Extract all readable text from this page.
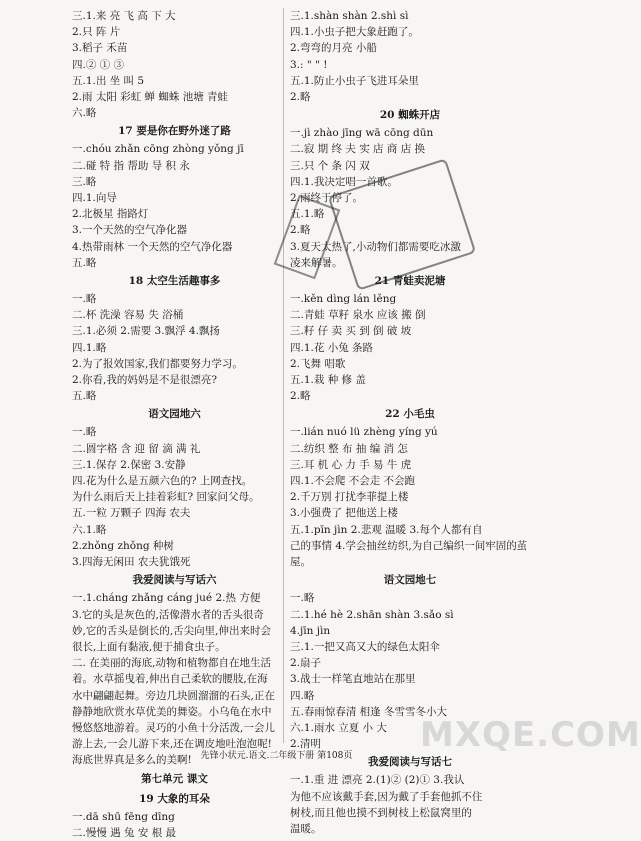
三.1.来 亮 飞 高 下 大
2.只 阵 片
3.稻子 禾苗
四.② ① ③
五.1.出 坐 叫 5
2.雨 太阳 彩虹 蝉 蜘蛛 池塘 青蛙
六.略
17 要是你在野外迷了路
一.chóu zhǎn cōng zhòng yǒng jī
二.碰 特 指 帮助 导 积 永
三.略
四.1.向导
2.北极星 指路灯
3.一个天然的空气净化器
4.热带雨林 一个天然的空气净化器
五.略
18 太空生活趣事多
一.略
二.杯 洗澡 容易 失 浴桶
三.1.必须 2.需要 3.飘浮 4.飘扬
四.1.略
2.为了报效国家,我们都要努力学习。
2.你看,我的妈妈是不是很漂亮?
五.略
语文园地六
一.略
二.圆字格 含 迎 留 滴 满 礼
三.1.保存 2.保密 3.安静
四.花为什么是五颜六色的? 上网查找。
为什么雨后天上挂着彩虹? 回家问父母。
五.一粒 万颗子 四海 农夫
六.1.略
2.zhǒng zhǒng 种树
3.四海无闲田 农夫犹饿死
我爱阅读与写话六
一.1.cháng zhǎng cáng jué 2.热 方便
3.它的头是灰色的,活像潜水者的舌头很奇妙,它的舌头是倒长的,舌尖向里,伸出来时会很长,上面有黏液,便于捕食虫子。
二. 在美丽的海底,动物和植物都自在地生活
着。水草摇曳着,伸出自己柔软的腰肢,在海水中翩翩起舞。旁边几块圆溜溜的石头,正在静静地欣赏水草优美的舞姿。小乌龟在水中慢悠悠地游着。灵巧的小鱼十分活泼,一会儿游上去,一会儿游下来,还在调皮地吐泡泡呢!海底世界真是多么的美啊!
第七单元 课文
19 大象的耳朵
一.dā shū fēng dīng
二.慢慢 遇 兔 安 根 最
三.1.shàn shàn 2.shì sì
四.1.小虫子把大象赶跑了。
2.弯弯的月亮 小船
3.: " " !
五.1.防止小虫子飞进耳朵里
2.略
20 蜘蛛开店
一.jì zhào jīng wā cōng dūn
二.寂 期 终 夫 实 店 商 店 换
三.只 个 条 闪 双
四.1.我决定唱一首歌。
2.雨终于停了。
五.1.略
2.略
3.夏天太热了,小动物们都需要吃冰激
凌来解暑。
21 青蛙卖泥塘
一.kěn dìng lán lěng
二.青蛙 草籽 泉水 应该 搬 倒
三.籽 仔 卖 买 到 倒 破 坡
四.1.花 小兔 条路
2.飞舞 唱歌
五.1.栽 种 修 盖
2.略
22 小毛虫
一.lián nuó lü zhèng yíng yú
二.纺织 整 布 抽 编 消 怎
三.耳 机 心 力 手 易 牛 虎
四.1.不会爬 不会走 不会跑
2.千万别 打扰李菲提上楼
3.小强费了 把他送上楼
五.1.pīn jìn 2.悲观 温暖 3.每个人都有自
己的事情 4.学会抽丝纺织,为自己编织一间牢固的茧屋。
语文园地七
一.略
二.1.hé hè 2.shān shàn 3.sǎo sì
4.jīn jìn
三.1.一把又高又大的绿色太阳伞
2.扇子
3.战士一样笔直地站在那里
四.略
五.春雨惊春清 相逢 冬雪雪冬小大
六.1.雨水 立夏 小 大
2.清明
我爱阅读与写话七
一.1.重 进 漂亮 2.(1)② (2)① 3.我认
为他不应该戴手套,因为戴了手套他抓不住
树枝,而且他也摸不到树枝上松鼠窝里的
温暖。
先锋小状元.语文.二年级下册 第108页
MXQE.COM
